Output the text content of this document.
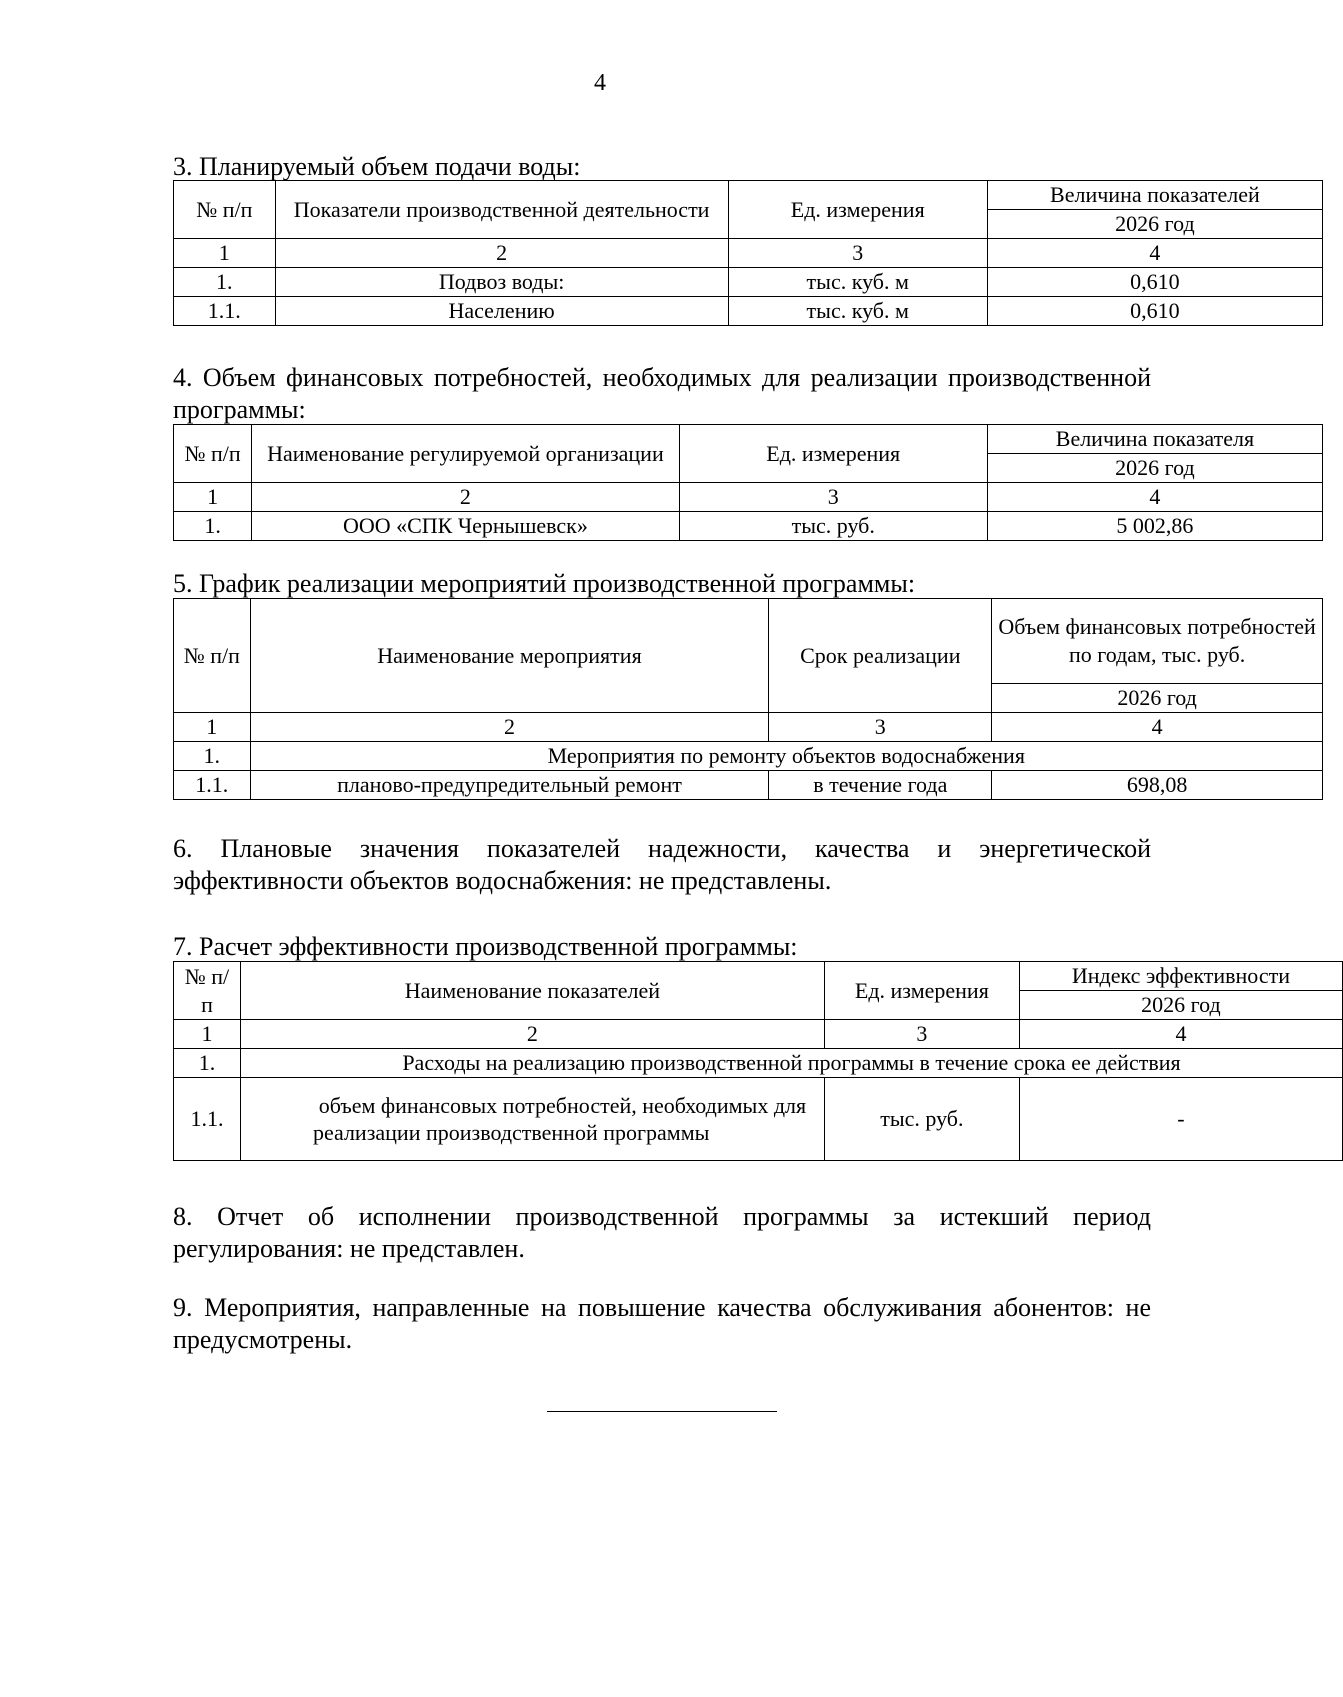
4

3. Планируемый объем подачи воды:

№ п/п	Показатели производственной деятельности	Ед. измерения	Величина показателей
			2026 год
1	2	3	4
1.	Подвоз воды:	тыс. куб. м	0,610
1.1.	Населению	тыс. куб. м	0,610

4. Объем финансовых потребностей, необходимых для реализации производственной программы:

№ п/п	Наименование регулируемой организации	Ед. измерения	Величина показателя
			2026 год
1	2	3	4
1.	ООО «СПК Чернышевск»	тыс. руб.	5 002,86

5. График реализации мероприятий производственной программы:

№ п/п	Наименование мероприятия	Срок реализации	Объем финансовых потребностей по годам, тыс. руб.
			2026 год
1	2	3	4
1.	Мероприятия по ремонту объектов водоснабжения		
1.1.	планово-предупредительный ремонт	в течение года	698,08

6. Плановые значения показателей надежности, качества и энергетической эффективности объектов водоснабжения: не представлены.

7. Расчет эффективности производственной программы:

№ п/п	Наименование показателей	Ед. измерения	Индекс эффективности
			2026 год
1	2	3	4
1.	Расходы на реализацию производственной программы в течение срока ее действия		
1.1.	объем финансовых потребностей, необходимых для реализации производственной программы	тыс. руб.	-

8. Отчет об исполнении производственной программы за истекший период регулирования: не представлен.

9. Мероприятия, направленные на повышение качества обслуживания абонентов: не предусмотрены.
